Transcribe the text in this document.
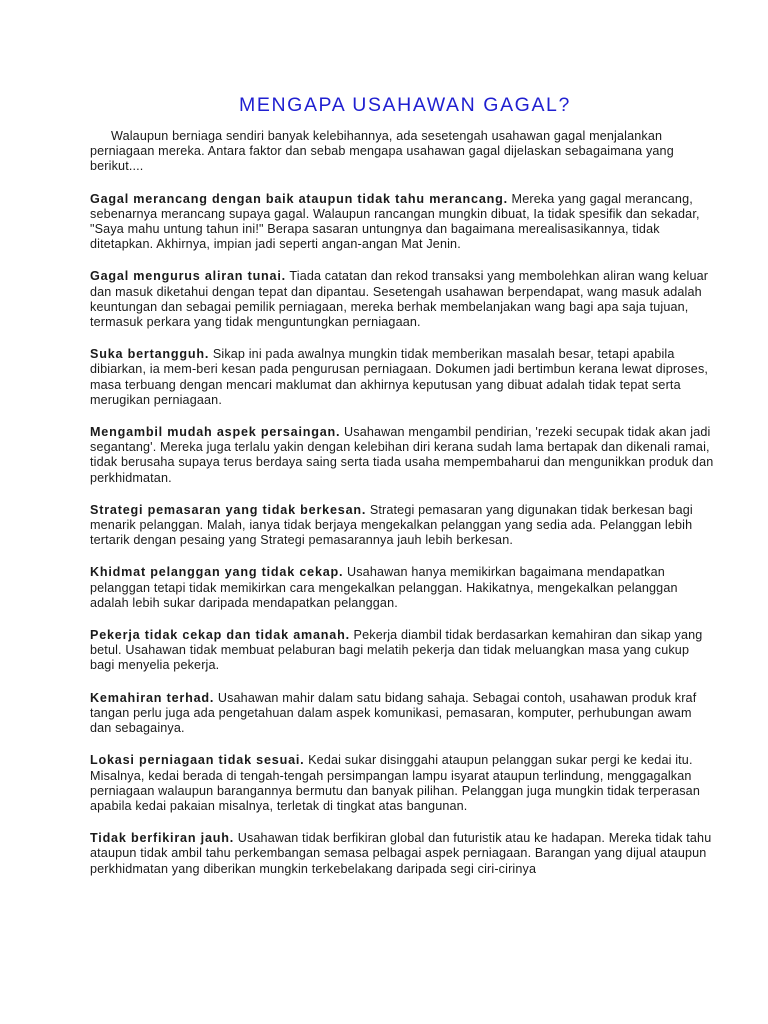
MENGAPA USAHAWAN GAGAL?

Walaupun berniaga sendiri banyak kelebihannya, ada sesetengah usahawan gagal menjalankan perniagaan mereka. Antara faktor dan sebab mengapa usahawan gagal dijelaskan sebagaimana yang berikut....

Gagal merancang dengan baik ataupun tidak tahu merancang. Mereka yang gagal merancang, sebenarnya merancang supaya gagal. Walaupun rancangan mungkin dibuat, Ia tidak spesifik dan sekadar, "Saya mahu untung tahun ini!" Berapa sasaran untungnya dan bagaimana merealisasikannya, tidak ditetapkan. Akhirnya, impian jadi seperti angan-angan Mat Jenin.

Gagal mengurus aliran tunai. Tiada catatan dan rekod transaksi yang membolehkan aliran wang keluar dan masuk diketahui dengan tepat dan dipantau. Sesetengah usahawan berpendapat, wang masuk adalah keuntungan dan sebagai pemilik perniagaan, mereka berhak membelanjakan wang bagi apa saja tujuan, termasuk perkara yang tidak menguntungkan perniagaan.

Suka bertangguh. Sikap ini pada awalnya mungkin tidak memberikan masalah besar, tetapi apabila dibiarkan, ia mem-beri kesan pada pengurusan perniagaan. Dokumen jadi bertimbun kerana lewat diproses, masa terbuang dengan mencari maklumat dan akhirnya keputusan yang dibuat adalah tidak tepat serta merugikan perniagaan.

Mengambil mudah aspek persaingan. Usahawan mengambil pendirian, 'rezeki secupak tidak akan jadi segantang'. Mereka juga terlalu yakin dengan kelebihan diri kerana sudah lama bertapak dan dikenali ramai, tidak berusaha supaya terus berdaya saing serta tiada usaha mempembaharui dan mengunikkan produk dan perkhidmatan.

Strategi pemasaran yang tidak berkesan. Strategi pemasaran yang digunakan tidak berkesan bagi menarik pelanggan. Malah, ianya tidak berjaya mengekalkan pelanggan yang sedia ada. Pelanggan lebih tertarik dengan pesaing yang Strategi pemasarannya jauh lebih berkesan.

Khidmat pelanggan yang tidak cekap. Usahawan hanya memikirkan bagaimana mendapatkan pelanggan tetapi tidak memikirkan cara mengekalkan pelanggan. Hakikatnya, mengekalkan pelanggan adalah lebih sukar daripada mendapatkan pelanggan.

Pekerja tidak cekap dan tidak amanah. Pekerja diambil tidak berdasarkan kemahiran dan sikap yang betul. Usahawan tidak membuat pelaburan bagi melatih pekerja dan tidak meluangkan masa yang cukup bagi menyelia pekerja.

Kemahiran terhad. Usahawan mahir dalam satu bidang sahaja. Sebagai contoh, usahawan produk kraf tangan perlu juga ada pengetahuan dalam aspek komunikasi, pemasaran, komputer, perhubungan awam dan sebagainya.

Lokasi perniagaan tidak sesuai. Kedai sukar disinggahi ataupun pelanggan sukar pergi ke kedai itu. Misalnya, kedai berada di tengah-tengah persimpangan lampu isyarat ataupun terlindung, menggagalkan perniagaan walaupun barangannya bermutu dan banyak pilihan. Pelanggan juga mungkin tidak terperasan apabila kedai pakaian misalnya, terletak di tingkat atas bangunan.

Tidak berfikiran jauh. Usahawan tidak berfikiran global dan futuristik atau ke hadapan. Mereka tidak tahu ataupun tidak ambil tahu perkembangan semasa pelbagai aspek perniagaan. Barangan yang dijual ataupun perkhidmatan yang diberikan mungkin terkebelakang daripada segi ciri-cirinya
